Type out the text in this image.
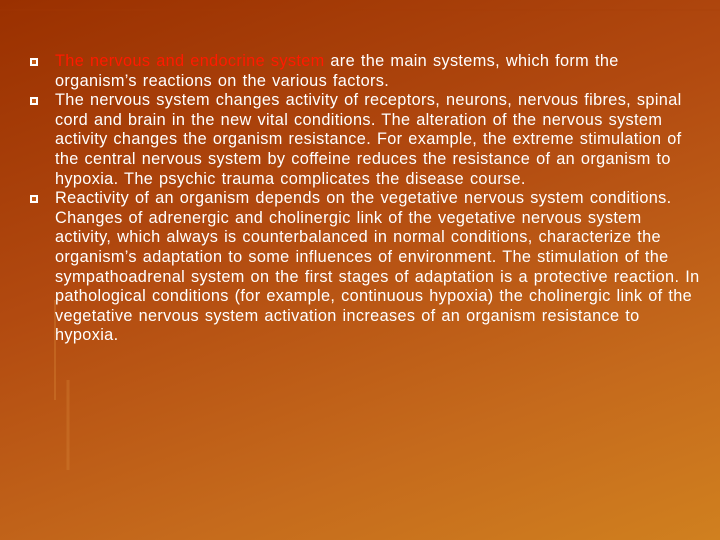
The nervous and endocrine system are the main systems, which form the organism’s reactions on the various factors.
The nervous system changes activity of receptors, neurons, nervous fibres, spinal cord and brain in the new vital conditions. The alteration of the nervous system activity changes the organism resistance. For example, the extreme stimulation of the central nervous system by coffeine reduces the resistance of an organism to hypoxia. The psychic trauma complicates the disease course.
Reactivity of an organism depends on the vegetative nervous system conditions. Changes of adrenergic and cholinergic link of the vegetative nervous system activity, which always is counterbalanced in normal conditions, characterize the organism’s adaptation to some influences of environment. The stimulation of the sympathoadrenal system on the first stages of adaptation is a protective reaction. In pathological conditions (for example, continuous hypoxia) the cholinergic link of the vegetative nervous system activation increases of an organism resistance to hypoxia.
